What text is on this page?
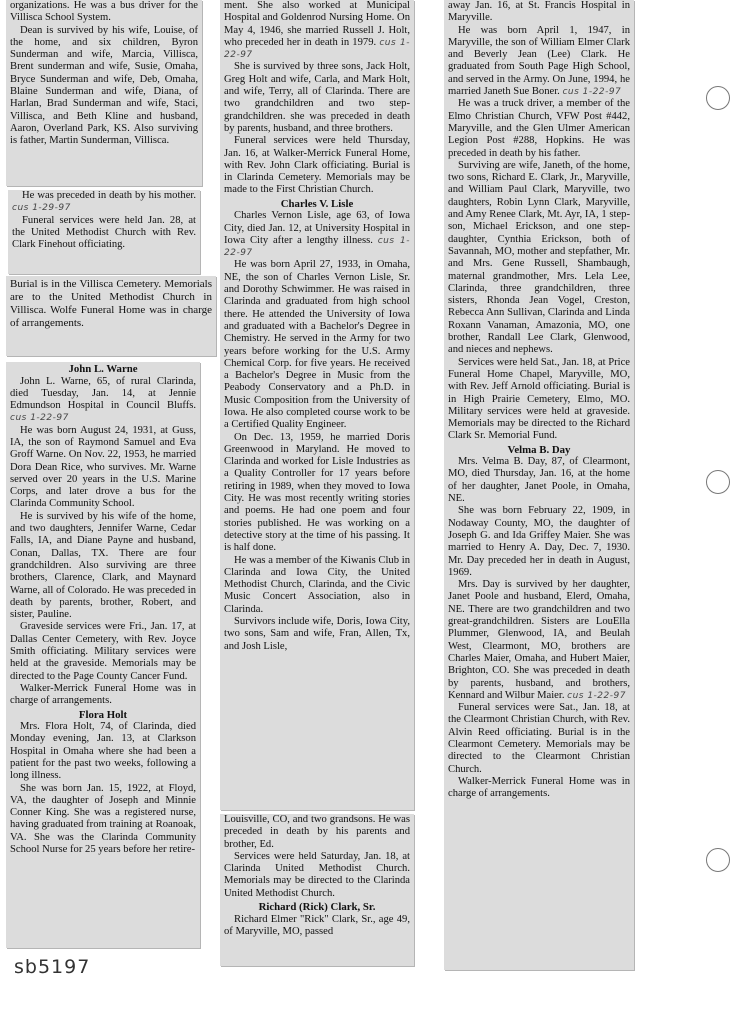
organizations. He was a bus driver for the Villisca School System.

Dean is survived by his wife, Louise, of the home, and six children, Byron Sunderman and wife, Marcia, Villisca, Brent sunderman and wife, Susie, Omaha, Bryce Sunderman and wife, Deb, Omaha, Blaine Sunderman and wife, Diana, of Harlan, Brad Sunderman and wife, Staci, Villisca, and Beth Kline and husband, Aaron, Overland Park, KS. Also surviving is father, Martin Sunderman, Villisca.

He was preceded in death by his mother. cus 1-29-97

Funeral services were held Jan. 28, at the United Methodist Church with Rev. Clark Finehout officiating.

Burial is in the Villisca Cemetery. Memorials are to the United Methodist Church in Villisca. Wolfe Funeral Home was in charge of arrangements.

John L. Warne

John L. Warne, 65, of rural Clarinda, died Tuesday, Jan. 14, at Jennie Edmundson Hospital in Council Bluffs. cus 1-22-97

He was born August 24, 1931, at Guss, IA, the son of Raymond Samuel and Eva Groff Warne. On Nov. 22, 1953, he married Dora Dean Rice, who survives. Mr. Warne served over 20 years in the U.S. Marine Corps, and later drove a bus for the Clarinda Community School.

He is survived by his wife of the home, and two daughters, Jennifer Warne, Cedar Falls, IA, and Diane Payne and husband, Conan, Dallas, TX. There are four grandchildren. Also surviving are three brothers, Clarence, Clark, and Maynard Warne, all of Colorado. He was preceded in death by parents, brother, Robert, and sister, Pauline.

Graveside services were Fri., Jan. 17, at Dallas Center Cemetery, with Rev. Joyce Smith officiating. Military services were held at the graveside. Memorials may be directed to the Page County Cancer Fund.

Walker-Merrick Funeral Home was in charge of arrangements.

Flora Holt

Mrs. Flora Holt, 74, of Clarinda, died Monday evening, Jan. 13, at Clarkson Hospital in Omaha where she had been a patient for the past two weeks, following a long illness.

She was born Jan. 15, 1922, at Floyd, VA, the daughter of Joseph and Minnie Conner King. She was a registered nurse, having graduated from training at Roanoak, VA. She was the Clarinda Community School Nurse for 25 years before her retire-

ment. She also worked at Municipal Hospital and Goldenrod Nursing Home. On May 4, 1946, she married Russell J. Holt, who preceded her in death in 1979. cus 1-22-97

She is survived by three sons, Jack Holt, Greg Holt and wife, Carla, and Mark Holt, and wife, Terry, all of Clarinda. There are two grandchildren and two step-grandchildren. she was preceded in death by parents, husband, and three brothers.

Funeral services were held Thursday, Jan. 16, at Walker-Merrick Funeral Home, with Rev. John Clark officiating. Burial is in Clarinda Cemetery. Memorials may be made to the First Christian Church.

Charles V. Lisle

Charles Vernon Lisle, age 63, of Iowa City, died Jan. 12, at University Hospital in Iowa City after a lengthy illness. cus 1-22-97

He was born April 27, 1933, in Omaha, NE, the son of Charles Vernon Lisle, Sr. and Dorothy Schwimmer. He was raised in Clarinda and graduated from high school there. He attended the University of Iowa and graduated with a Bachelor's Degree in Chemistry. He served in the Army for two years before working for the U.S. Army Chemical Corp. for five years. He received a Bachelor's Degree in Music from the Peabody Conservatory and a Ph.D. in Music Composition from the University of Iowa. He also completed course work to be a Certified Quality Engineer.

On Dec. 13, 1959, he married Doris Greenwood in Maryland. He moved to Clarinda and worked for Lisle Industries as a Quality Controller for 17 years before retiring in 1989, when they moved to Iowa City. He was most recently writing stories and poems. He had one poem and four stories published. He was working on a detective story at the time of his passing. It is half done.

He was a member of the Kiwanis Club in Clarinda and Iowa City, the United Methodist Church, Clarinda, and the Civic Music Concert Association, also in Clarinda.

Survivors include wife, Doris, Iowa City, two sons, Sam and wife, Fran, Allen, Tx, and Josh Lisle,

Louisville, CO, and two grandsons. He was preceded in death by his parents and brother, Ed.

Services were held Saturday, Jan. 18, at Clarinda United Methodist Church. Memorials may be directed to the Clarinda United Methodist Church.

Richard (Rick) Clark, Sr.

Richard Elmer "Rick" Clark, Sr., age 49, of Maryville, MO, passed

away Jan. 16, at St. Francis Hospital in Maryville.

He was born April 1, 1947, in Maryville, the son of William Elmer Clark and Beverly Jean (Lee) Clark. He graduated from South Page High School, and served in the Army. On June, 1994, he married Janeth Sue Boner. cus 1-22-97

He was a truck driver, a member of the Elmo Christian Church, VFW Post #442, Maryville, and the Glen Ulmer American Legion Post #288, Hopkins. He was preceded in death by his father.

Surviving are wife, Janeth, of the home, two sons, Richard E. Clark, Jr., Maryville, and William Paul Clark, Maryville, two daughters, Robin Lynn Clark, Maryville, and Amy Renee Clark, Mt. Ayr, IA, 1 step-son, Michael Erickson, and one step-daughter, Cynthia Erickson, both of Savannah, MO, mother and stepfather, Mr. and Mrs. Gene Russell, Shambaugh, maternal grandmother, Mrs. Lela Lee, Clarinda, three grandchildren, three sisters, Rhonda Jean Vogel, Creston, Rebecca Ann Sullivan, Clarinda and Linda Roxann Vanaman, Amazonia, MO, one brother, Randall Lee Clark, Glenwood, and nieces and nephews.

Services were held Sat., Jan. 18, at Price Funeral Home Chapel, Maryville, MO, with Rev. Jeff Arnold officiating. Burial is in High Prairie Cemetery, Elmo, MO. Military services were held at graveside. Memorials may be directed to the Richard Clark Sr. Memorial Fund.

Velma B. Day

Mrs. Velma B. Day, 87, of Clearmont, MO, died Thursday, Jan. 16, at the home of her daughter, Janet Poole, in Omaha, NE.

She was born February 22, 1909, in Nodaway County, MO, the daughter of Joseph G. and Ida Griffey Maier. She was married to Henry A. Day, Dec. 7, 1930. Mr. Day preceded her in death in August, 1969.

Mrs. Day is survived by her daughter, Janet Poole and husband, Elerd, Omaha, NE. There are two grandchildren and two great-grandchildren. Sisters are LouElla Plummer, Glenwood, IA, and Beulah West, Clearmont, MO, brothers are Charles Maier, Omaha, and Hubert Maier, Brighton, CO. She was preceded in death by parents, husband, and brothers, Kennard and Wilbur Maier. cus 1-22-97

Funeral services were Sat., Jan. 18, at the Clearmont Christian Church, with Rev. Alvin Reed officiating. Burial is in the Clearmont Cemetery. Memorials may be directed to the Clearmont Christian Church.

Walker-Merrick Funeral Home was in charge of arrangements.

sb5197
